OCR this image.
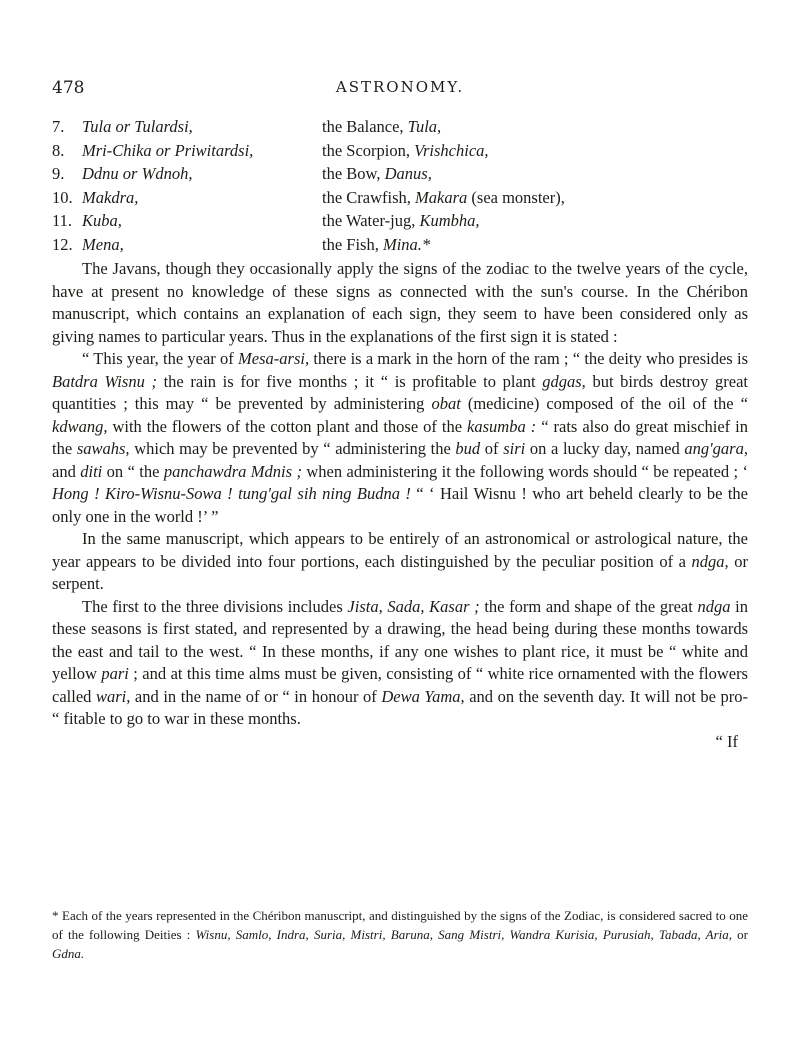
478	ASTRONOMY.
7. Tula or Tulardsi,	the Balance, Tula,
8. Mri-Chika or Priwitardsi,	the Scorpion, Vrishchica,
9. Ddnu or Wdnoh,	the Bow, Danus,
10. Makdra,	the Crawfish, Makara (sea monster),
11. Kuba,	the Water-jug, Kumbha,
12. Mena,	the Fish, Mina.*

The Javans, though they occasionally apply the signs of the zodiac to the twelve years of the cycle, have at present no knowledge of these signs as connected with the sun's course. In the Chéribon manuscript, which contains an explanation of each sign, they seem to have been considered only as giving names to particular years. Thus in the explanations of the first sign it is stated :

“ This year, the year of Mesa-arsi, there is a mark in the horn of the ram ; “ the deity who presides is Batdra Wisnu ; the rain is for five months ; it “ is profitable to plant gdgas, but birds destroy great quantities ; this may “ be prevented by administering obat (medicine) composed of the oil of the “ kdwang, with the flowers of the cotton plant and those of the kasumba : “ rats also do great mischief in the sawahs, which may be prevented by “ administering the bud of siri on a lucky day, named ang'gara, and diti on “ the panchawdra Mdnis ; when administering it the following words should “ be repeated ; ‘ Hong ! Kiro-Wisnu-Sowa ! tung'gal sih ning Budna ! “ ‘ Hail Wisnu ! who art beheld clearly to be the only one in the world !’ ”

In the same manuscript, which appears to be entirely of an astronomical or astrological nature, the year appears to be divided into four portions, each distinguished by the peculiar position of a ndga, or serpent.

The first to the three divisions includes Jista, Sada, Kasar ; the form and shape of the great ndga in these seasons is first stated, and represented by a drawing, the head being during these months towards the east and tail to the west. “ In these months, if any one wishes to plant rice, it must be “ white and yellow pari ; and at this time alms must be given, consisting of “ white rice ornamented with the flowers called wari, and in the name of or “ in honour of Dewa Yama, and on the seventh day. It will not be pro- “ fitable to go to war in these months.

“ If

* Each of the years represented in the Chéribon manuscript, and distinguished by the signs of the Zodiac, is considered sacred to one of the following Deities : Wisnu, Samlo, Indra, Suria, Mistri, Baruna, Sang Mistri, Wandra Kurisia, Purusiah, Tabada, Aria, or Gdna.
